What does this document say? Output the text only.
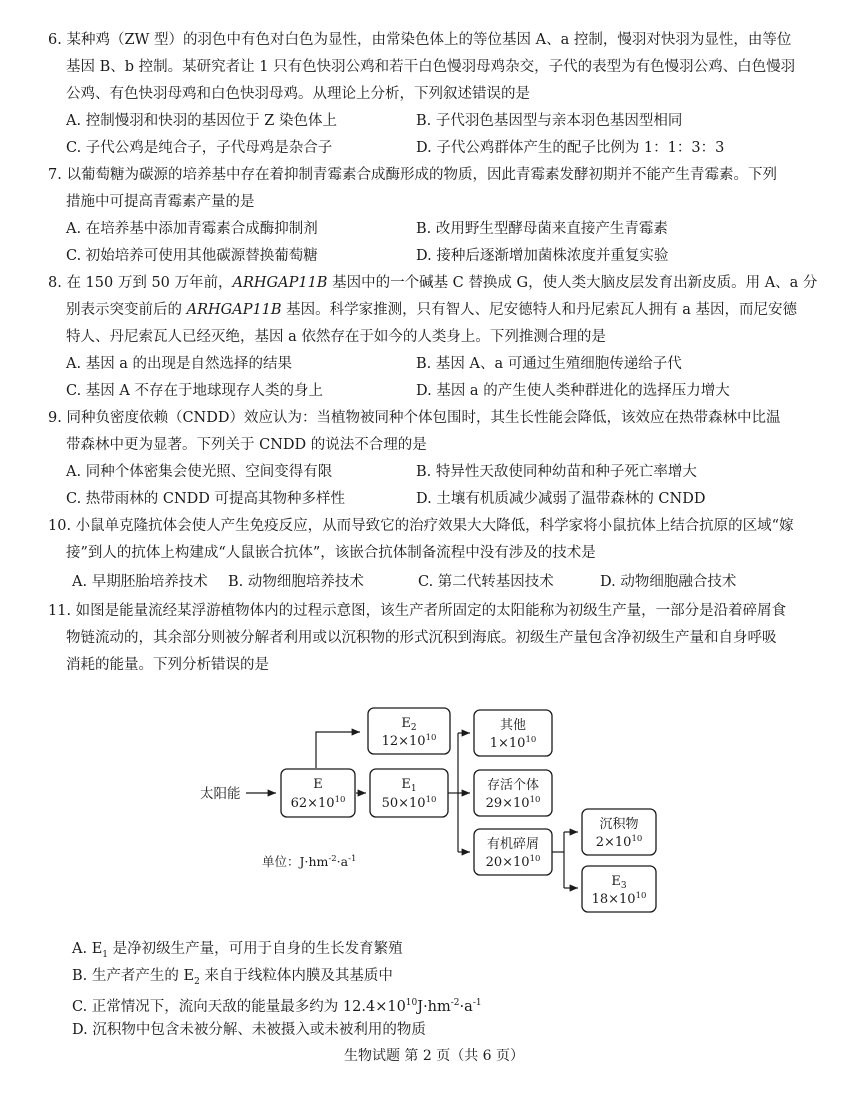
6. 某种鸡（ZW 型）的羽色中有色对白色为显性，由常染色体上的等位基因 A、a 控制，慢羽对快羽为显性，由等位
基因 B、b 控制。某研究者让 1 只有色快羽公鸡和若干白色慢羽母鸡杂交，子代的表型为有色慢羽公鸡、白色慢羽
公鸡、有色快羽母鸡和白色快羽母鸡。从理论上分析，下列叙述错误的是
A. 控制慢羽和快羽的基因位于 Z 染色体上	B. 子代羽色基因型与亲本羽色基因型相同
C. 子代公鸡是纯合子，子代母鸡是杂合子	D. 子代公鸡群体产生的配子比例为 1：1：3：3
7. 以葡萄糖为碳源的培养基中存在着抑制青霉素合成酶形成的物质，因此青霉素发酵初期并不能产生青霉素。下列
措施中可提高青霉素产量的是
A. 在培养基中添加青霉素合成酶抑制剂	B. 改用野生型酵母菌来直接产生青霉素
C. 初始培养可使用其他碳源替换葡萄糖	D. 接种后逐渐增加菌株浓度并重复实验
8. 在 150 万到 50 万年前，ARHGAP11B 基因中的一个碱基 C 替换成 G，使人类大脑皮层发育出新皮质。用 A、a 分
别表示突变前后的 ARHGAP11B 基因。科学家推测，只有智人、尼安德特人和丹尼索瓦人拥有 a 基因，而尼安德
特人、丹尼索瓦人已经灭绝，基因 a 依然存在于如今的人类身上。下列推测合理的是
A. 基因 a 的出现是自然选择的结果	B. 基因 A、a 可通过生殖细胞传递给子代
C. 基因 A 不存在于地球现存人类的身上	D. 基因 a 的产生使人类种群进化的选择压力增大
9. 同种负密度依赖（CNDD）效应认为：当植物被同种个体包围时，其生长性能会降低，该效应在热带森林中比温
带森林中更为显著。下列关于 CNDD 的说法不合理的是
A. 同种个体密集会使光照、空间变得有限	B. 特异性天敌使同种幼苗和种子死亡率增大
C. 热带雨林的 CNDD 可提高其物种多样性	D. 土壤有机质减少减弱了温带森林的 CNDD
10. 小鼠单克隆抗体会使人产生免疫反应，从而导致它的治疗效果大大降低，科学家将小鼠抗体上结合抗原的区域“嫁
接”到人的抗体上构建成“人鼠嵌合抗体”，该嵌合抗体制备流程中没有涉及的技术是
A. 早期胚胎培养技术 B. 动物细胞培养技术	C. 第二代转基因技术	D. 动物细胞融合技术
11. 如图是能量流经某浮游植物体内的过程示意图，该生产者所固定的太阳能称为初级生产量，一部分是沿着碎屑食
物链流动的，其余部分则被分解者利用或以沉积物的形式沉积到海底。初级生产量包含净初级生产量和自身呼吸
消耗的能量。下列分析错误的是
太阳能
E
$62\times 10^{10}$
$E_2$
$12\times 10^{10}$
$E_1$
$50\times 10^{10}$
其他
$1\times 10^{10}$
存活个体
$29\times 10^{10}$
有机碎屑
$20\times 10^{10}$
沉积物
$2\times 10^{10}$
$E_3$
$18\times 10^{10}$
单位：$J\cdot hm^{-2}\cdot a^{-1}$
A. $E_1$ 是净初级生产量，可用于自身的生长发育繁殖
B. 生产者产生的 $E_2$ 来自于线粒体内膜及其基质中
C. 正常情况下，流向天敌的能量最多约为 $12.4\times 10^{10}J\cdot hm^{-2}\cdot a^{-1}$
D. 沉积物中包含未被分解、未被摄入或未被利用的物质
生物试题 第 2 页（共 6 页）
